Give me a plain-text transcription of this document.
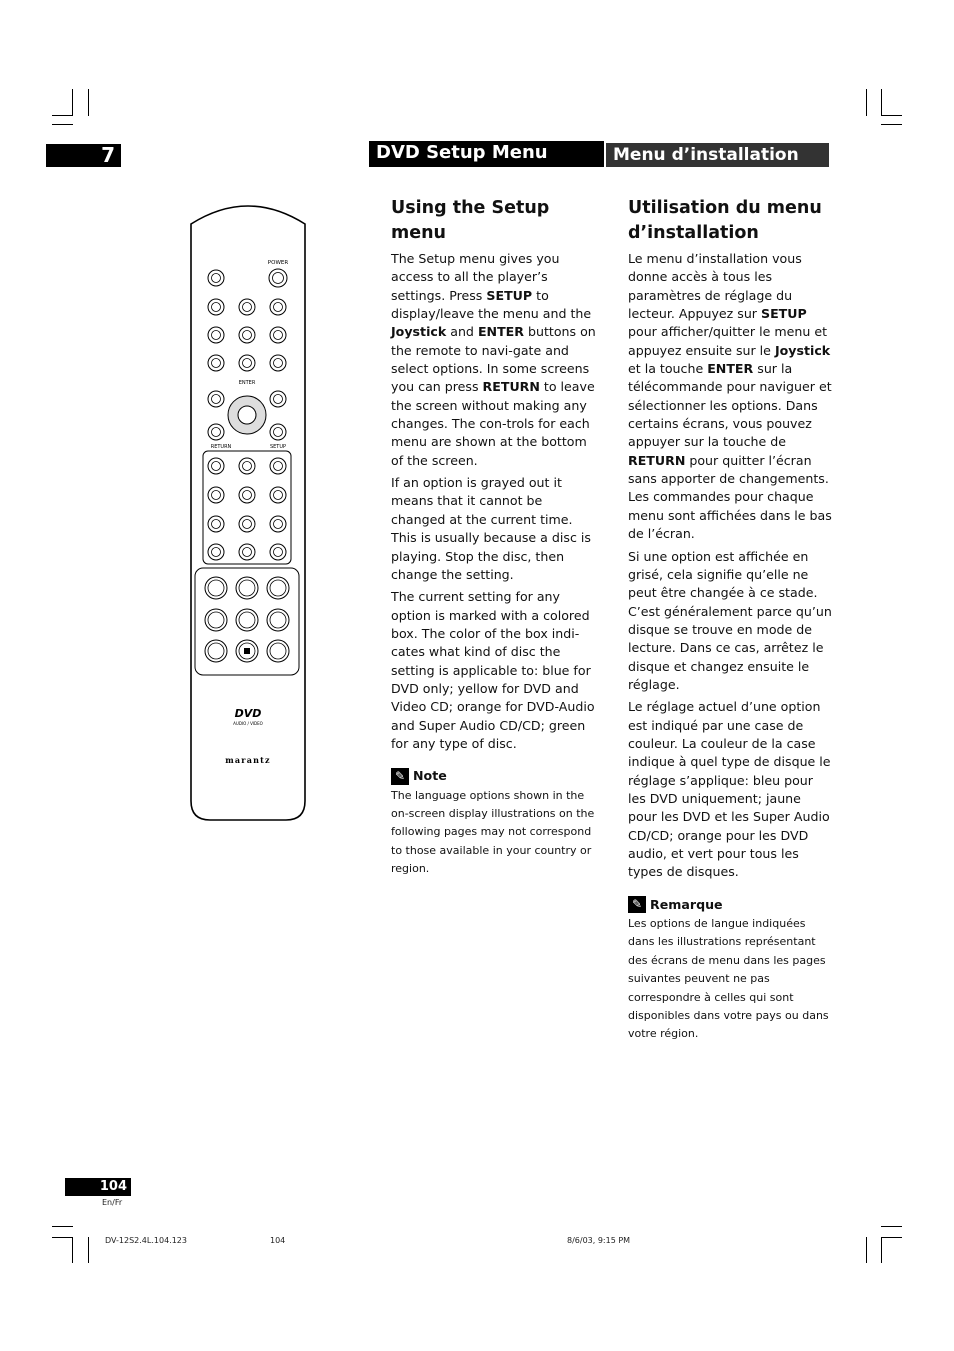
7	DVD Setup Menu	Menu d’installation DVD
POWER
ENTER
RETURN	SETUP
DVD
AUDIO / VIDEO
marantz
Using the Setup menu

The Setup menu gives you access to all the player’s settings. Press SETUP to display/leave the menu and the Joystick and ENTER buttons on the remote to navi-gate and select options. In some screens you can press RETURN to leave the screen without making any changes. The con-trols for each menu are shown at the bottom of the screen.

If an option is grayed out it means that it cannot be changed at the current time. This is usually because a disc is playing. Stop the disc, then change the setting.

The current setting for any option is marked with a colored box. The color of the box indi-cates what kind of disc the setting is applicable to: blue for DVD only; yellow for DVD and Video CD; orange for DVD-Audio and Super Audio CD/CD; green for any type of disc.

✎ Note
The language options shown in the on-screen display illustrations on the following pages may not correspond to those available in your country or region.
Utilisation du menu d’installation

Le menu d’installation vous donne accès à tous les paramètres de réglage du lecteur. Appuyez sur SETUP pour afficher/quitter le menu et appuyez ensuite sur le Joystick et la touche ENTER sur la télécommande pour naviguer et sélectionner les options. Dans certains écrans, vous pouvez appuyer sur la touche de RETURN pour quitter l’écran sans apporter de changements. Les commandes pour chaque menu sont affichées dans le bas de l’écran.

Si une option est affichée en grisé, cela signifie qu’elle ne peut être changée à ce stade. C’est généralement parce qu’un disque se trouve en mode de lecture. Dans ce cas, arrêtez le disque et changez ensuite le réglage.

Le réglage actuel d’une option est indiqué par une case de couleur. La couleur de la case indique à quel type de disque le réglage s’applique: bleu pour les DVD uniquement; jaune pour les DVD et les Super Audio CD/CD; orange pour les DVD audio, et vert pour tous les types de disques.

✎ Remarque
Les options de langue indiquées dans les illustrations représentant des écrans de menu dans les pages suivantes peuvent ne pas correspondre à celles qui sont disponibles dans votre pays ou dans votre région.
104
En/Fr
DV-12S2.4L.104.123	104	8/6/03, 9:15 PM
